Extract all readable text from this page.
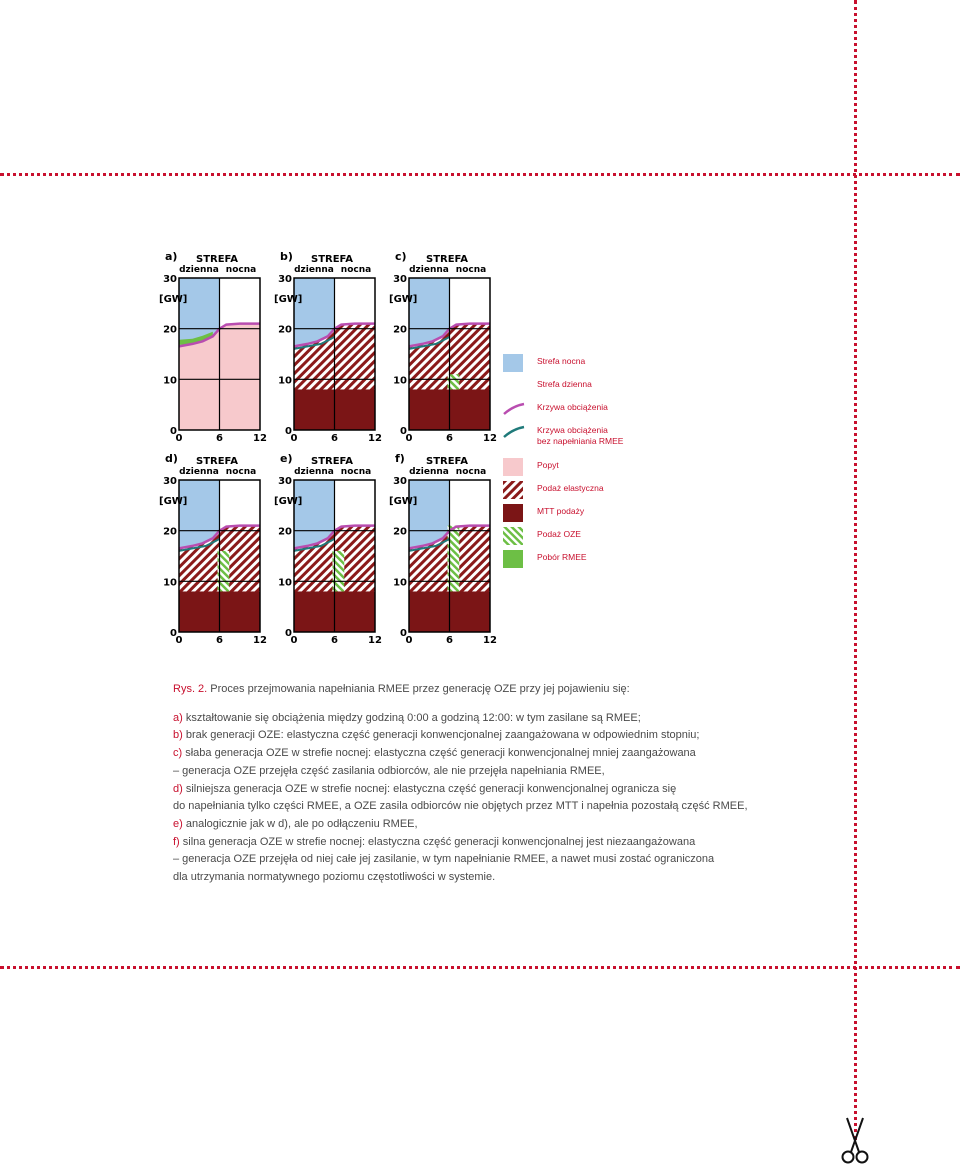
a) STREFA
dzienna nocna
30
20
10
0
[GW]
0	6	12
b) STREFA
dzienna nocna
30
20
10
0
[GW]
0	6	12
c) STREFA
dzienna nocna
30
20
10
0
[GW]
0	6	12
d) STREFA
dzienna nocna
30
20
10
0
[GW]
0	6	12
e) STREFA
dzienna nocna
30
20
10
0
[GW]
0	6	12
f) STREFA
dzienna nocna
30
20
10
0
[GW]
0	6	12
Strefa nocna
Strefa dzienna
Krzywa obciążenia
Krzywa obciążenia
bez napełniania RMEE
Popyt
Podaż elastyczna
MTT podaży
Podaż OZE
Pobór RMEE

Rys. 2. Proces przejmowania napełniania RMEE przez generację OZE przy jej pojawieniu się:

a) kształtowanie się obciążenia między godziną 0:00 a godziną 12:00: w tym zasilane są RMEE;

b) brak generacji OZE: elastyczna część generacji konwencjonalnej zaangażowana w odpowiednim stopniu;

c) słaba generacja OZE w strefie nocnej: elastyczna część generacji konwencjonalnej mniej zaangażowana

– generacja OZE przejęła część zasilania odbiorców, ale nie przejęła napełniania RMEE,

d) silniejsza generacja OZE w strefie nocnej: elastyczna część generacji konwencjonalnej ogranicza się

do napełniania tylko części RMEE, a OZE zasila odbiorców nie objętych przez MTT i napełnia pozostałą część RMEE,

e) analogicznie jak w d), ale po odłączeniu RMEE,

f) silna generacja OZE w strefie nocnej: elastyczna część generacji konwencjonalnej jest niezaangażowana

– generacja OZE przejęła od niej całe jej zasilanie, w tym napełnianie RMEE, a nawet musi zostać ograniczona

dla utrzymania normatywnego poziomu częstotliwości w systemie.
